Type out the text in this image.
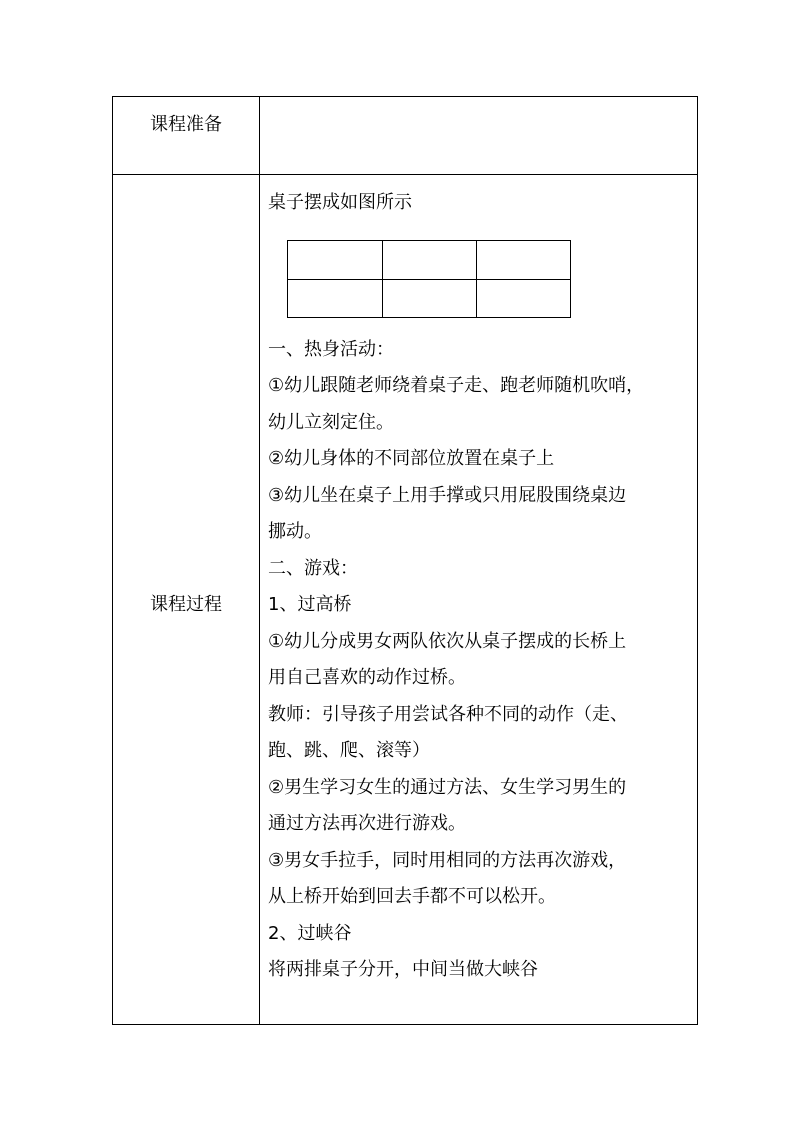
课程准备
课程过程

桌子摆成如图所示

一、热身活动：

①幼儿跟随老师绕着桌子走、跑老师随机吹哨，

幼儿立刻定住。

②幼儿身体的不同部位放置在桌子上

③幼儿坐在桌子上用手撑或只用屁股围绕桌边

挪动。

二、游戏：

1、过高桥

①幼儿分成男女两队依次从桌子摆成的长桥上

用自己喜欢的动作过桥。

教师：引导孩子用尝试各种不同的动作（走、

跑、跳、爬、滚等）

②男生学习女生的通过方法、女生学习男生的

通过方法再次进行游戏。

③男女手拉手，同时用相同的方法再次游戏，

从上桥开始到回去手都不可以松开。

2、过峡谷

将两排桌子分开，中间当做大峡谷
